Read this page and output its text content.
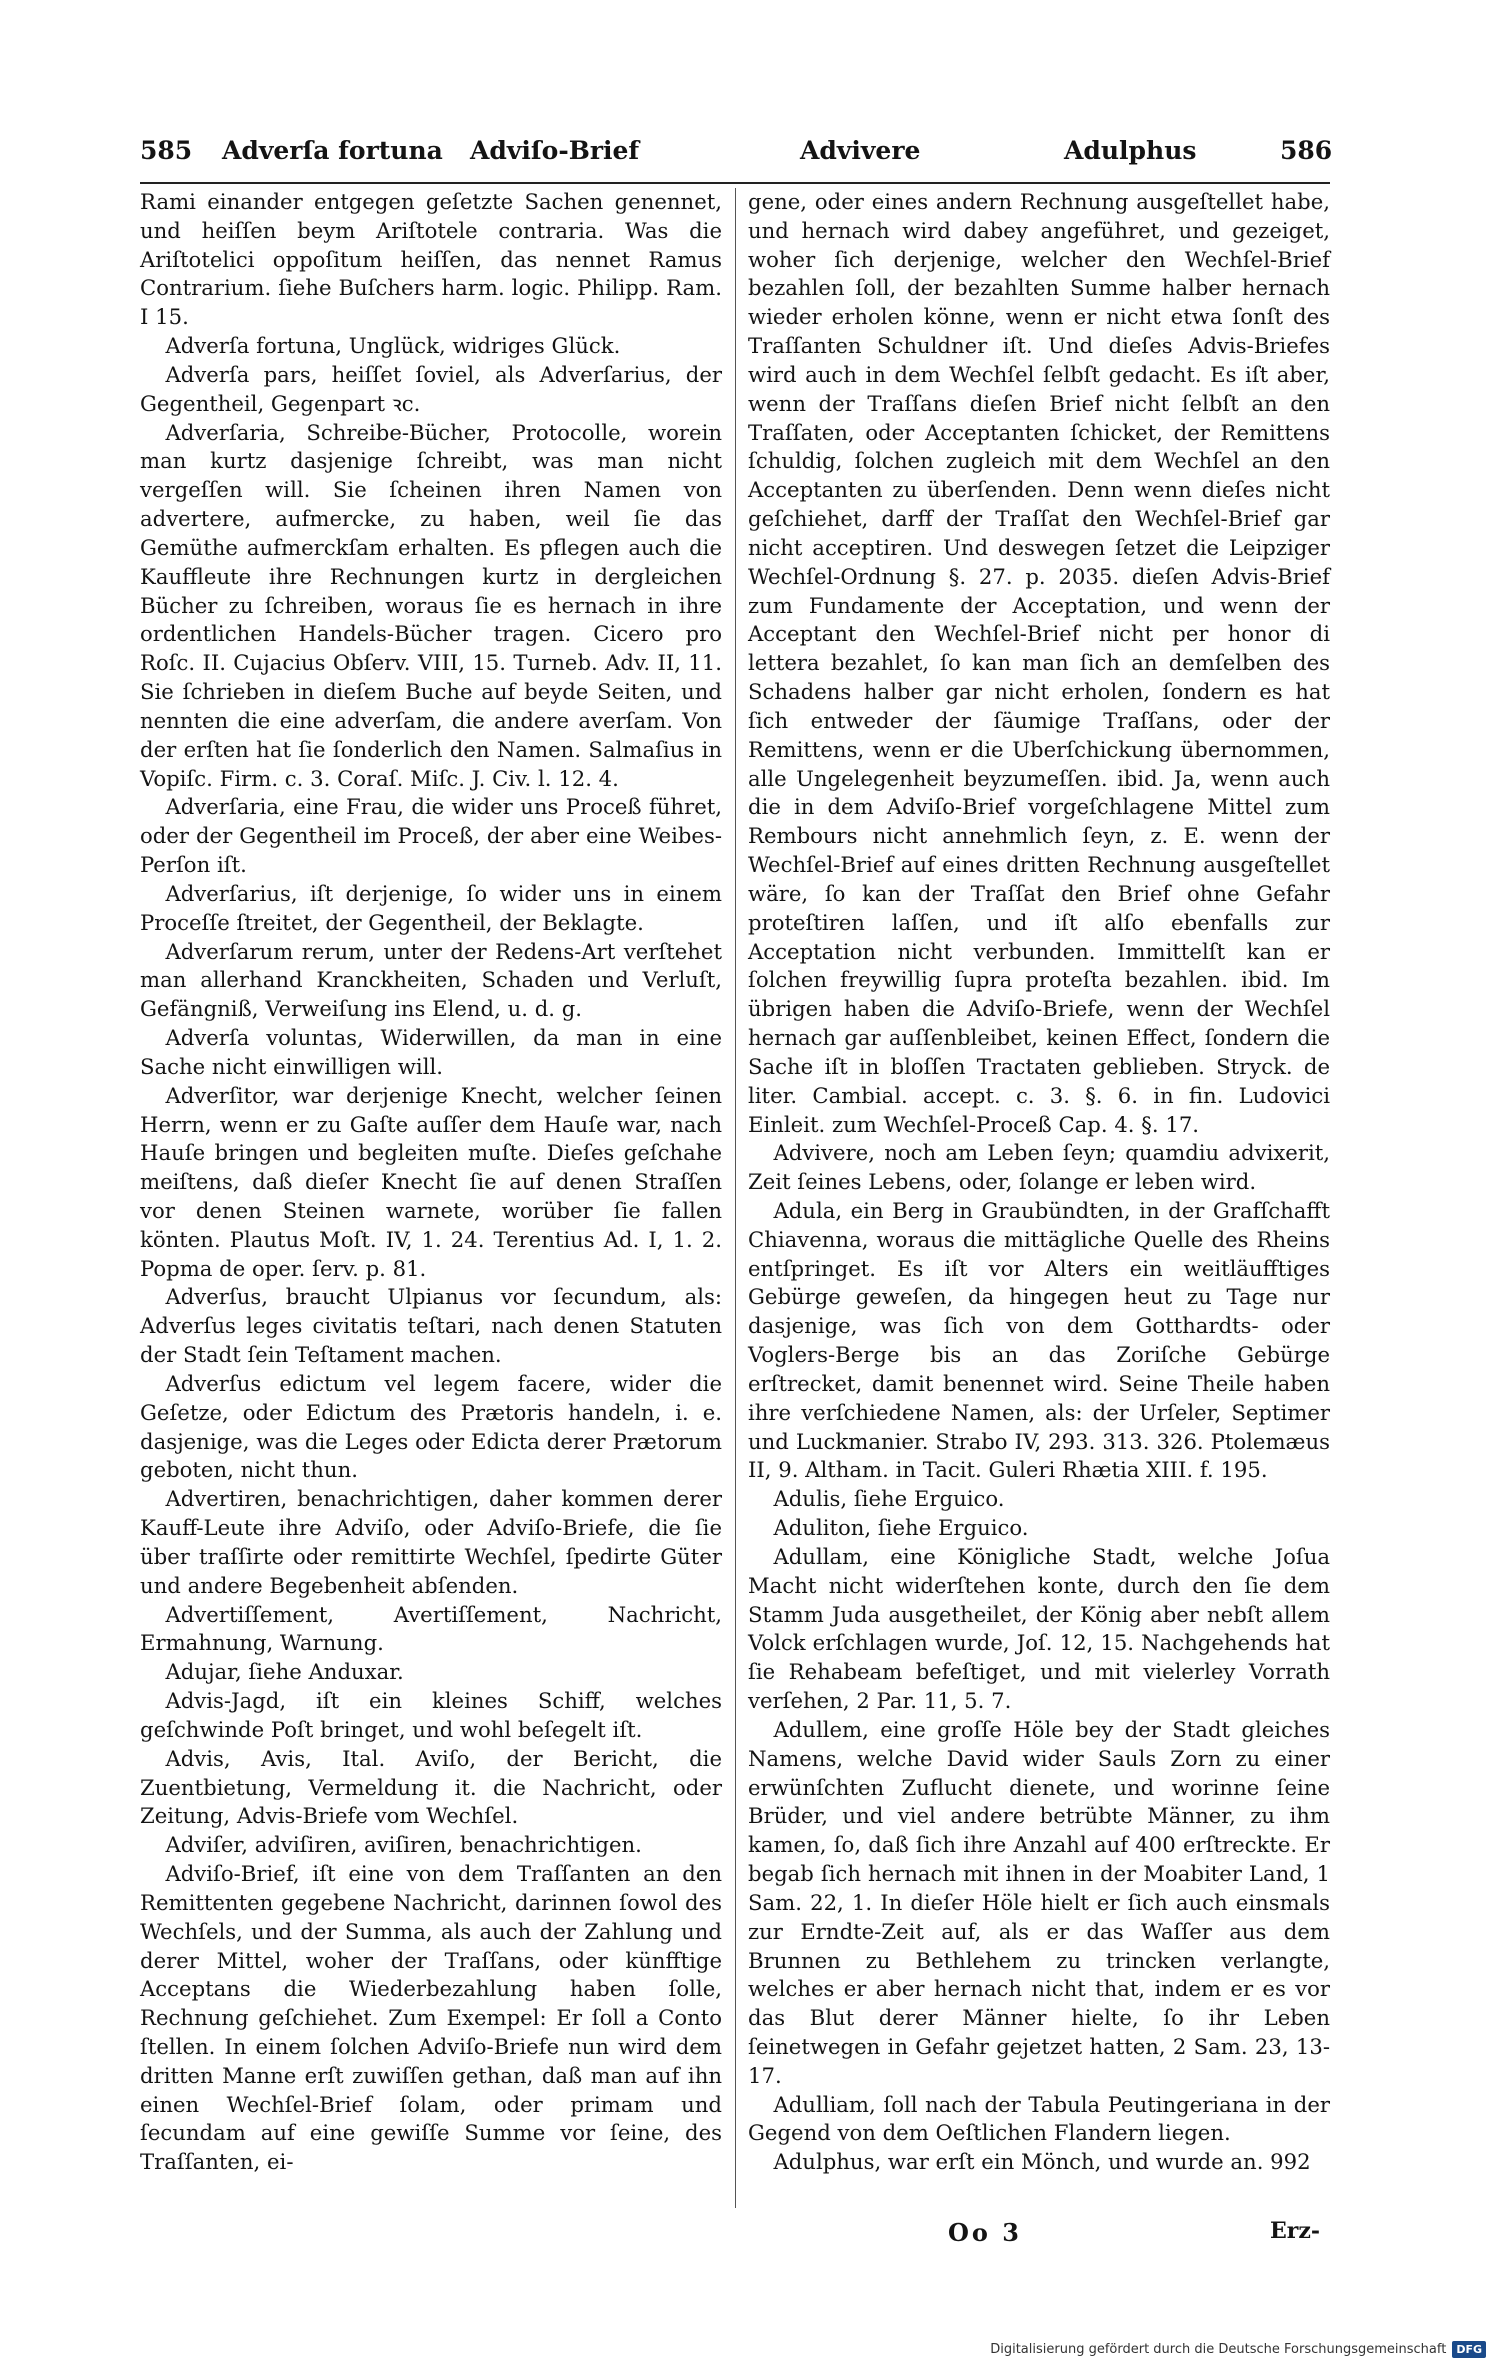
585 Adverſa fortuna Adviſo-Brief	Advivere	Adulphus	586

Rami einander entgegen geſetzte Sachen genennet, und heiſſen beym Ariſtotele contraria. Was die Ariſtotelici oppoſitum heiſſen, das nennet Ramus Contrarium. ſiehe Buſchers harm. logic. Philipp. Ram. I 15.

Adverſa fortuna, Unglück, widriges Glück.

Adverſa pars, heiſſet ſoviel, als Adverſarius, der Gegentheil, Gegenpart ꝛc.

Adverſaria, Schreibe-Bücher, Protocolle, worein man kurtz dasjenige ſchreibt, was man nicht vergeſſen will. Sie ſcheinen ihren Namen von advertere, aufmercke, zu haben, weil ſie das Gemüthe aufmerckſam erhalten. Es pflegen auch die Kauffleute ihre Rechnungen kurtz in dergleichen Bücher zu ſchreiben, woraus ſie es hernach in ihre ordentlichen Handels-Bücher tragen. Cicero pro Roſc. II. Cujacius Obſerv. VIII, 15. Turneb. Adv. II, 11. Sie ſchrieben in dieſem Buche auf beyde Seiten, und nennten die eine adverſam, die andere averſam. Von der erſten hat ſie ſonderlich den Namen. Salmaſius in Vopiſc. Firm. c. 3. Coraſ. Miſc. J. Civ. l. 12. 4.

Adverſaria, eine Frau, die wider uns Proceß führet, oder der Gegentheil im Proceß, der aber eine Weibes-Perſon iſt.

Adverſarius, iſt derjenige, ſo wider uns in einem Proceſſe ſtreitet, der Gegentheil, der Beklagte.

Adverſarum rerum, unter der Redens-Art verſtehet man allerhand Kranckheiten, Schaden und Verluſt, Gefängniß, Verweiſung ins Elend, u. d. g.

Adverſa voluntas, Widerwillen, da man in eine Sache nicht einwilligen will.

Adverſitor, war derjenige Knecht, welcher ſeinen Herrn, wenn er zu Gaſte auſſer dem Hauſe war, nach Hauſe bringen und begleiten muſte. Dieſes geſchahe meiſtens, daß dieſer Knecht ſie auf denen Straſſen vor denen Steinen warnete, worüber ſie fallen könten. Plautus Moſt. IV, 1. 24. Terentius Ad. I, 1. 2. Popma de oper. ſerv. p. 81.

Adverſus, braucht Ulpianus vor ſecundum, als: Adverſus leges civitatis teſtari, nach denen Statuten der Stadt ſein Teſtament machen.

Adverſus edictum vel legem facere, wider die Geſetze, oder Edictum des Prætoris handeln, i. e. dasjenige, was die Leges oder Edicta derer Prætorum geboten, nicht thun.

Advertiren, benachrichtigen, daher kommen derer Kauff-Leute ihre Adviſo, oder Adviſo-Briefe, die ſie über traſſirte oder remittirte Wechſel, ſpedirte Güter und andere Begebenheit abſenden.

Advertiſſement, Avertiſſement, Nachricht, Ermahnung, Warnung.

Adujar, ſiehe Anduxar.

Advis-Jagd, iſt ein kleines Schiff, welches geſchwinde Poſt bringet, und wohl beſegelt iſt.

Advis, Avis, Ital. Aviſo, der Bericht, die Zuentbietung, Vermeldung it. die Nachricht, oder Zeitung, Advis-Briefe vom Wechſel.

Adviſer, adviſiren, aviſiren, benachrichtigen.

Adviſo-Brief, iſt eine von dem Traſſanten an den Remittenten gegebene Nachricht, darinnen ſowol des Wechſels, und der Summa, als auch der Zahlung und derer Mittel, woher der Traſſans, oder künfftige Acceptans die Wiederbezahlung haben ſolle, Rechnung geſchiehet. Zum Exempel: Er ſoll a Conto ſtellen. In einem ſolchen Adviſo-Briefe nun wird dem dritten Manne erſt zuwiſſen gethan, daß man auf ihn einen Wechſel-Brief ſolam, oder primam und ſecundam auf eine gewiſſe Summe vor ſeine, des Traſſanten, ei-

gene, oder eines andern Rechnung ausgeſtellet habe, und hernach wird dabey angeführet, und gezeiget, woher ſich derjenige, welcher den Wechſel-Brief bezahlen ſoll, der bezahlten Summe halber hernach wieder erholen könne, wenn er nicht etwa ſonſt des Traſſanten Schuldner iſt. Und dieſes Advis-Briefes wird auch in dem Wechſel ſelbſt gedacht. Es iſt aber, wenn der Traſſans dieſen Brief nicht ſelbſt an den Traſſaten, oder Acceptanten ſchicket, der Remittens ſchuldig, ſolchen zugleich mit dem Wechſel an den Acceptanten zu überſenden. Denn wenn dieſes nicht geſchiehet, darff der Traſſat den Wechſel-Brief gar nicht acceptiren. Und deswegen ſetzet die Leipziger Wechſel-Ordnung §. 27. p. 2035. dieſen Advis-Brief zum Fundamente der Acceptation, und wenn der Acceptant den Wechſel-Brief nicht per honor di lettera bezahlet, ſo kan man ſich an demſelben des Schadens halber gar nicht erholen, ſondern es hat ſich entweder der ſäumige Traſſans, oder der Remittens, wenn er die Uberſchickung übernommen, alle Ungelegenheit beyzumeſſen. ibid. Ja, wenn auch die in dem Adviſo-Brief vorgeſchlagene Mittel zum Rembours nicht annehmlich ſeyn, z. E. wenn der Wechſel-Brief auf eines dritten Rechnung ausgeſtellet wäre, ſo kan der Traſſat den Brief ohne Gefahr proteſtiren laſſen, und iſt alſo ebenfalls zur Acceptation nicht verbunden. Immittelſt kan er ſolchen freywillig ſupra proteſta bezahlen. ibid. Im übrigen haben die Adviſo-Briefe, wenn der Wechſel hernach gar auſſenbleibet, keinen Effect, ſondern die Sache iſt in bloſſen Tractaten geblieben. Stryck. de liter. Cambial. accept. c. 3. §. 6. in fin. Ludovici Einleit. zum Wechſel-Proceß Cap. 4. §. 17.

Advivere, noch am Leben ſeyn; quamdiu advixerit, Zeit ſeines Lebens, oder, ſolange er leben wird.

Adula, ein Berg in Graubündten, in der Grafſchafft Chiavenna, woraus die mittägliche Quelle des Rheins entſpringet. Es iſt vor Alters ein weitläufftiges Gebürge geweſen, da hingegen heut zu Tage nur dasjenige, was ſich von dem Gotthardts- oder Voglers-Berge bis an das Zoriſche Gebürge erſtrecket, damit benennet wird. Seine Theile haben ihre verſchiedene Namen, als: der Urſeler, Septimer und Luckmanier. Strabo IV, 293. 313. 326. Ptolemæus II, 9. Altham. in Tacit. Guleri Rhætia XIII. f. 195.

Adulis, ſiehe Erguico.

Aduliton, ſiehe Erguico.

Adullam, eine Königliche Stadt, welche Joſua Macht nicht widerſtehen konte, durch den ſie dem Stamm Juda ausgetheilet, der König aber nebſt allem Volck erſchlagen wurde, Joſ. 12, 15. Nachgehends hat ſie Rehabeam befeſtiget, und mit vielerley Vorrath verſehen, 2 Par. 11, 5. 7.

Adullem, eine groſſe Höle bey der Stadt gleiches Namens, welche David wider Sauls Zorn zu einer erwünſchten Zuflucht dienete, und worinne ſeine Brüder, und viel andere betrübte Männer, zu ihm kamen, ſo, daß ſich ihre Anzahl auf 400 erſtreckte. Er begab ſich hernach mit ihnen in der Moabiter Land, 1 Sam. 22, 1. In dieſer Höle hielt er ſich auch einsmals zur Erndte-Zeit auf, als er das Waſſer aus dem Brunnen zu Bethlehem zu trincken verlangte, welches er aber hernach nicht that, indem er es vor das Blut derer Männer hielte, ſo ihr Leben ſeinetwegen in Gefahr gejetzet hatten, 2 Sam. 23, 13-17.

Adulliam, ſoll nach der Tabula Peutingeriana in der Gegend von dem Oeſtlichen Flandern liegen.

Adulphus, war erſt ein Mönch, und wurde an. 992

Oo 3	Erz-
Digitalisierung gefördert durch die Deutsche Forschungsgemeinschaft DFG
